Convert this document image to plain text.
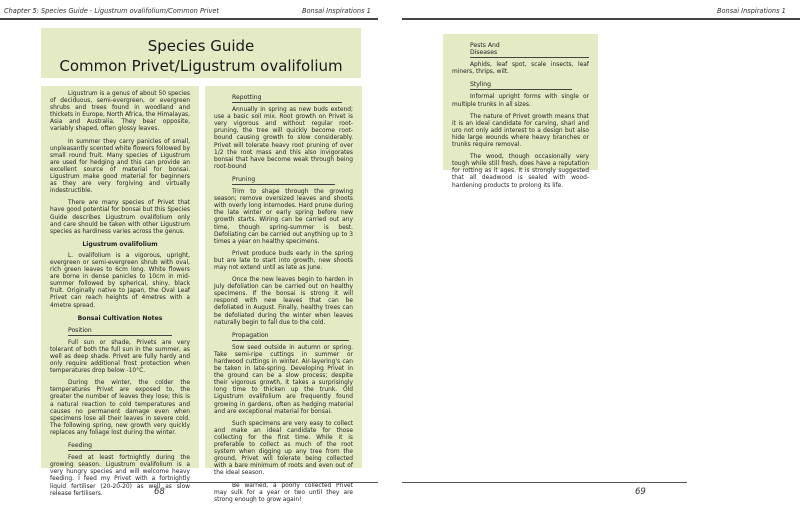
Chapter 5: Species Guide - Ligustrum ovalifolium/Common Privet	Bonsai Inspirations 1	Bonsai Inspirations 1
Species Guide
Common Privet/Ligustrum ovalifolium

Ligustrum is a genus of about 50 species of deciduous, semi-evergreen, or evergreen shrubs and trees found in woodland and thickets in Europe, North Africa, the Himalayas, Asia and Australia. They bear opposite, variably shaped, often glossy leaves.

In summer they carry panicles of small, unpleasantly scented white flowers followed by small round fruit. Many species of Ligustrum are used for hedging and this can provide an excellent source of material for bonsai. Ligustrum make good material for beginners as they are very forgiving and virtually indestructible.

There are many species of Privet that have good potential for bonsai but this Species Guide describes Ligustrum ovalifolium only and care should be taken with other Ligustrum species as hardiness varies across the genus.

Ligustrum ovalifolium

L. ovalifolium is a vigorous, upright, evergreen or semi-evergreen shrub with oval, rich green leaves to 6cm long. White flowers are borne in dense panicles to 10cm in mid-summer followed by spherical, shiny, black fruit. Originally native to Japan, the Oval Leaf Privet can reach heights of 4metres with a 4metre spread.

Bonsai Cultivation Notes
Position

Full sun or shade, Privets are very tolerant of both the full sun in the summer, as well as deep shade. Privet are fully hardy and only require additional frost protection when temperatures drop below -10°C.

During the winter, the colder the temperatures Privet are exposed to, the greater the number of leaves they lose; this is a natural reaction to cold temperatures and causes no permanent damage even when specimens lose all their leaves in severe cold. The following spring, new growth very quickly replaces any foliage lost during the winter.

Feeding

Feed at least fortnightly during the growing season. Ligustrum ovalifolium is a very hungry species and will welcome heavy feeding. I feed my Privet with a fortnightly liquid fertiliser (20-20-20) as well as slow release fertilisers.

Repotting

Annually in spring as new buds extend; use a basic soil mix. Root growth on Privet is very vigorous and without regular root-pruning, the tree will quickly become root-bound causing growth to slow considerably. Privet will tolerate heavy root pruning of over 1/2 the root mass and this also invigorates bonsai that have become weak through being root-bound

Pruning

Trim to shape through the growing season; remove oversized leaves and shoots with overly long internodes. Hard prune during the late winter or early spring before new growth starts. Wiring can be carried out any time, though spring-summer is best. Defoliating can be carried out anything up to 3 times a year on healthy specimens.

Privet produce buds early in the spring but are late to start into growth, new shoots may not extend until as late as June.

Once the new leaves begin to harden in July defoliation can be carried out on healthy specimens. If the bonsai is strong it will respond with new leaves that can be defoliated in August. Finally, healthy trees can be defoliated during the winter when leaves naturally begin to fall due to the cold.

Propagation

Sow seed outside in autumn or spring. Take semi-ripe cuttings in summer or hardwood cuttings in winter. Air-layering's can be taken in late-spring. Developing Privet in the ground can be a slow process; despite their vigorous growth, it takes a surprisingly long time to thicken up the trunk. Old Ligustrum ovalifolium are frequently found growing in gardens, often as hedging material and are exceptional material for bonsai.

Such specimens are very easy to collect and make an ideal candidate for those collecting for the first time. While it is preferable to collect as much of the root system when digging up any tree from the ground, Privet will tolerate being collected with a bare minimum of roots and even out of the ideal season.

Be warned, a poorly collected Privet may sulk for a year or two until they are strong enough to grow again!

Pests And Diseases

Aphids, leaf spot, scale insects, leaf miners, thrips, wilt.

Styling

Informal upright forms with single or multiple trunks in all sizes.

The nature of Privet growth means that it is an ideal candidate for carving, shari and uro not only add interest to a design but also hide large wounds where heavy branches or trunks require removal.

The wood, though occasionally very tough while still fresh, does have a reputation for rotting as it ages. It is strongly suggested that all deadwood is sealed with wood-hardening products to prolong its life.

68	69
